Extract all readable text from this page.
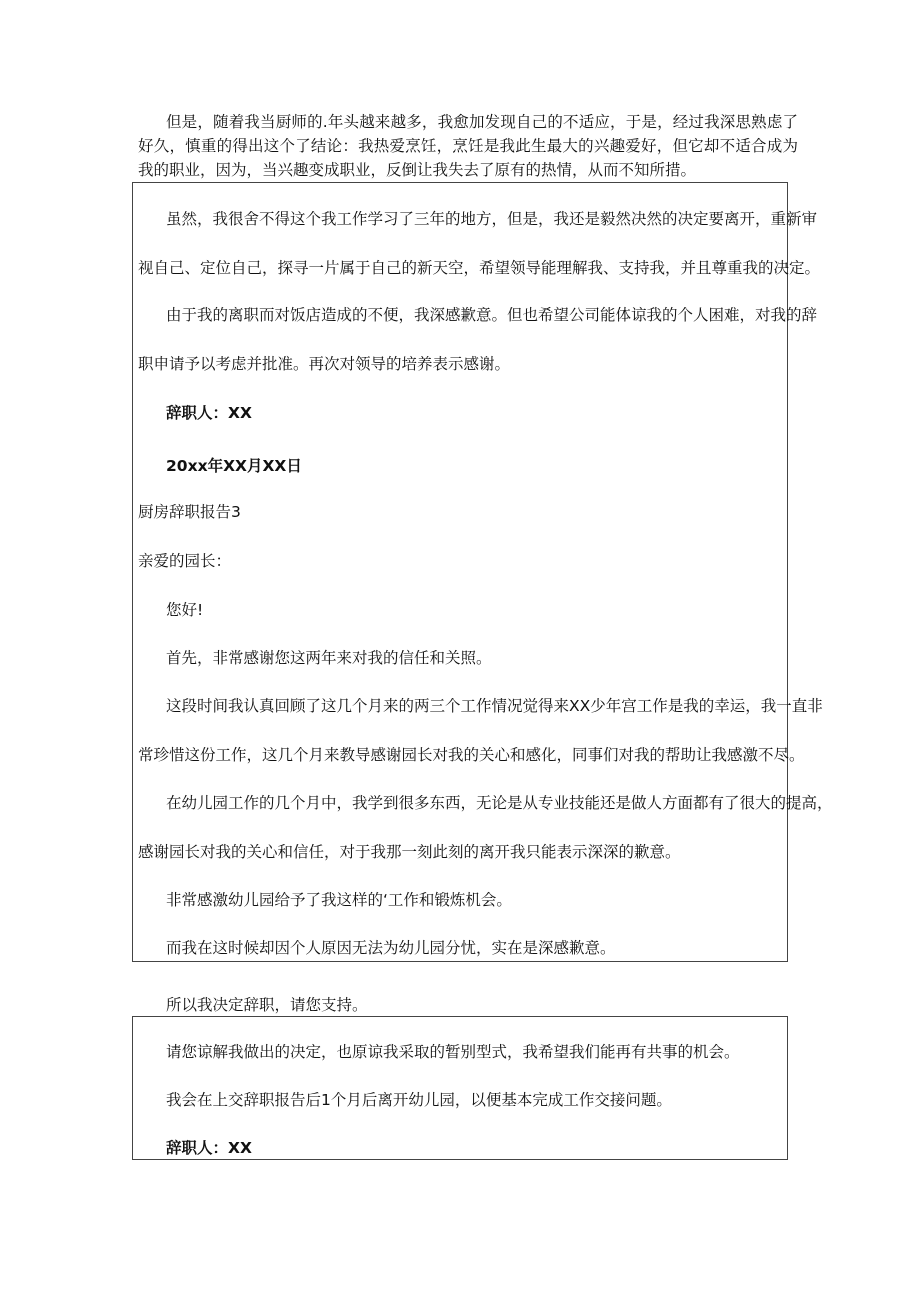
但是，随着我当厨师的.年头越来越多，我愈加发现自己的不适应，于是，经过我深思熟虑了好久，慎重的得出这个了结论：我热爱烹饪，烹饪是我此生最大的兴趣爱好，但它却不适合成为我的职业，因为，当兴趣变成职业，反倒让我失去了原有的热情，从而不知所措。

虽然，我很舍不得这个我工作学习了三年的地方，但是，我还是毅然决然的决定要离开，重新审

视自己、定位自己，探寻一片属于自己的新天空，希望领导能理解我、支持我，并且尊重我的决定。

由于我的离职而对饭店造成的不便，我深感歉意。但也希望公司能体谅我的个人困难，对我的辞

职申请予以考虑并批准。再次对领导的培养表示感谢。

辞职人：XX

20xx年XX月XX日

厨房辞职报告3

亲爱的园长：

您好!

首先，非常感谢您这两年来对我的信任和关照。

这段时间我认真回顾了这几个月来的两三个工作情况觉得来XX少年宫工作是我的幸运，我一直非

常珍惜这份工作，这几个月来教导感谢园长对我的关心和感化，同事们对我的帮助让我感激不尽。

在幼儿园工作的几个月中，我学到很多东西，无论是从专业技能还是做人方面都有了很大的提高，

感谢园长对我的关心和信任，对于我那一刻此刻的离开我只能表示深深的歉意。

非常感激幼儿园给予了我这样的‘工作和锻炼机会。

而我在这时候却因个人原因无法为幼儿园分忧，实在是深感歉意。

所以我决定辞职，请您支持。

请您谅解我做出的决定，也原谅我采取的暂别型式，我希望我们能再有共事的机会。

我会在上交辞职报告后1个月后离开幼儿园，以便基本完成工作交接问题。

辞职人：XX
